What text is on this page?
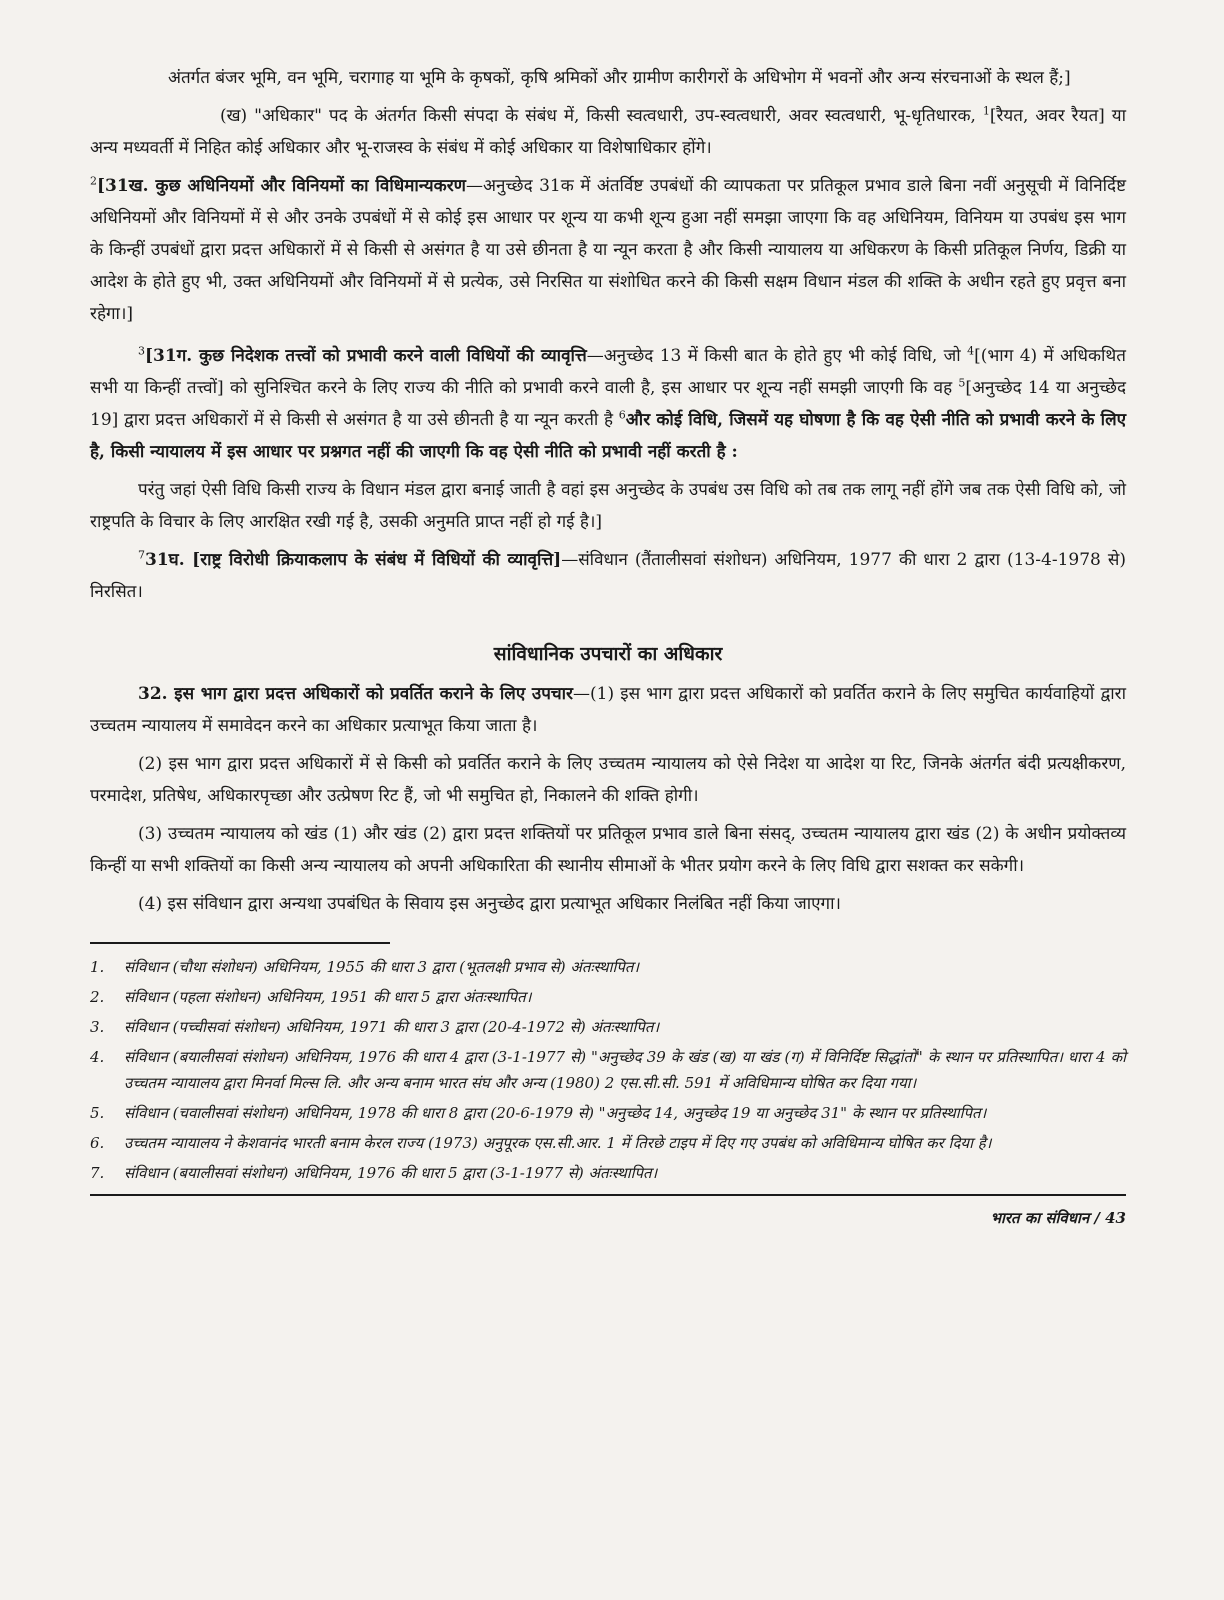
अंतर्गत बंजर भूमि, वन भूमि, चरागाह या भूमि के कृषकों, कृषि श्रमिकों और ग्रामीण कारीगरों के अधिभोग में भवनों और अन्य संरचनाओं के स्थल हैं;]

(ख) "अधिकार" पद के अंतर्गत किसी संपदा के संबंध में, किसी स्वत्वधारी, उप-स्वत्वधारी, अवर स्वत्वधारी, भू-धृतिधारक, $^1$[रैयत, अवर रैयत] या अन्य मध्यवर्ती में निहित कोई अधिकार और भू-राजस्व के संबंध में कोई अधिकार या विशेषाधिकार होंगे।

$^2$[31ख. कुछ अधिनियमों और विनियमों का विधिमान्यकरण—अनुच्छेद 31क में अंतर्विष्ट उपबंधों की व्यापकता पर प्रतिकूल प्रभाव डाले बिना नवीं अनुसूची में विनिर्दिष्ट अधिनियमों और विनियमों में से और उनके उपबंधों में से कोई इस आधार पर शून्य या कभी शून्य हुआ नहीं समझा जाएगा कि वह अधिनियम, विनियम या उपबंध इस भाग के किन्हीं उपबंधों द्वारा प्रदत्त अधिकारों में से किसी से असंगत है या उसे छीनता है या न्यून करता है और किसी न्यायालय या अधिकरण के किसी प्रतिकूल निर्णय, डिक्री या आदेश के होते हुए भी, उक्त अधिनियमों और विनियमों में से प्रत्येक, उसे निरसित या संशोधित करने की किसी सक्षम विधान मंडल की शक्ति के अधीन रहते हुए प्रवृत्त बना रहेगा।]

$^3$[31ग. कुछ निदेशक तत्त्वों को प्रभावी करने वाली विधियों की व्यावृत्ति—अनुच्छेद 13 में किसी बात के होते हुए भी कोई विधि, जो $^4$[(भाग 4) में अधिकथित सभी या किन्हीं तत्त्वों] को सुनिश्चित करने के लिए राज्य की नीति को प्रभावी करने वाली है, इस आधार पर शून्य नहीं समझी जाएगी कि वह $^5$[अनुच्छेद 14 या अनुच्छेद 19] द्वारा प्रदत्त अधिकारों में से किसी से असंगत है या उसे छीनती है या न्यून करती है $^6$और कोई विधि, जिसमें यह घोषणा है कि वह ऐसी नीति को प्रभावी करने के लिए है, किसी न्यायालय में इस आधार पर प्रश्नगत नहीं की जाएगी कि वह ऐसी नीति को प्रभावी नहीं करती है :

परंतु जहां ऐसी विधि किसी राज्य के विधान मंडल द्वारा बनाई जाती है वहां इस अनुच्छेद के उपबंध उस विधि को तब तक लागू नहीं होंगे जब तक ऐसी विधि को, जो राष्ट्रपति के विचार के लिए आरक्षित रखी गई है, उसकी अनुमति प्राप्त नहीं हो गई है।]

$^7$31घ. [राष्ट्र विरोधी क्रियाकलाप के संबंध में विधियों की व्यावृत्ति]—संविधान (तैंतालीसवां संशोधन) अधिनियम, 1977 की धारा 2 द्वारा (13-4-1978 से) निरसित।

सांविधानिक उपचारों का अधिकार

32. इस भाग द्वारा प्रदत्त अधिकारों को प्रवर्तित कराने के लिए उपचार—(1) इस भाग द्वारा प्रदत्त अधिकारों को प्रवर्तित कराने के लिए समुचित कार्यवाहियों द्वारा उच्चतम न्यायालय में समावेदन करने का अधिकार प्रत्याभूत किया जाता है।

(2) इस भाग द्वारा प्रदत्त अधिकारों में से किसी को प्रवर्तित कराने के लिए उच्चतम न्यायालय को ऐसे निदेश या आदेश या रिट, जिनके अंतर्गत बंदी प्रत्यक्षीकरण, परमादेश, प्रतिषेध, अधिकारपृच्छा और उत्प्रेषण रिट हैं, जो भी समुचित हो, निकालने की शक्ति होगी।

(3) उच्चतम न्यायालय को खंड (1) और खंड (2) द्वारा प्रदत्त शक्तियों पर प्रतिकूल प्रभाव डाले बिना संसद्, उच्चतम न्यायालय द्वारा खंड (2) के अधीन प्रयोक्तव्य किन्हीं या सभी शक्तियों का किसी अन्य न्यायालय को अपनी अधिकारिता की स्थानीय सीमाओं के भीतर प्रयोग करने के लिए विधि द्वारा सशक्त कर सकेगी।

(4) इस संविधान द्वारा अन्यथा उपबंधित के सिवाय इस अनुच्छेद द्वारा प्रत्याभूत अधिकार निलंबित नहीं किया जाएगा।

1.	संविधान (चौथा संशोधन) अधिनियम, 1955 की धारा 3 द्वारा (भूतलक्षी प्रभाव से) अंतःस्थापित।
2.	संविधान (पहला संशोधन) अधिनियम, 1951 की धारा 5 द्वारा अंतःस्थापित।
3.	संविधान (पच्चीसवां संशोधन) अधिनियम, 1971 की धारा 3 द्वारा (20-4-1972 से) अंतःस्थापित।
4.	संविधान (बयालीसवां संशोधन) अधिनियम, 1976 की धारा 4 द्वारा (3-1-1977 से) "अनुच्छेद 39 के खंड (ख) या खंड (ग) में विनिर्दिष्ट सिद्धांतों" के स्थान पर प्रतिस्थापित। धारा 4 को उच्चतम न्यायालय द्वारा मिनर्वा मिल्स लि. और अन्य बनाम भारत संघ और अन्य (1980) 2 एस.सी.सी. 591 में अविधिमान्य घोषित कर दिया गया।
5.	संविधान (चवालीसवां संशोधन) अधिनियम, 1978 की धारा 8 द्वारा (20-6-1979 से) "अनुच्छेद 14, अनुच्छेद 19 या अनुच्छेद 31" के स्थान पर प्रतिस्थापित।
6.	उच्चतम न्यायालय ने केशवानंद भारती बनाम केरल राज्य (1973) अनुपूरक एस.सी.आर. 1 में तिरछे टाइप में दिए गए उपबंध को अविधिमान्य घोषित कर दिया है।
7.	संविधान (बयालीसवां संशोधन) अधिनियम, 1976 की धारा 5 द्वारा (3-1-1977 से) अंतःस्थापित।
भारत का संविधान / 43
